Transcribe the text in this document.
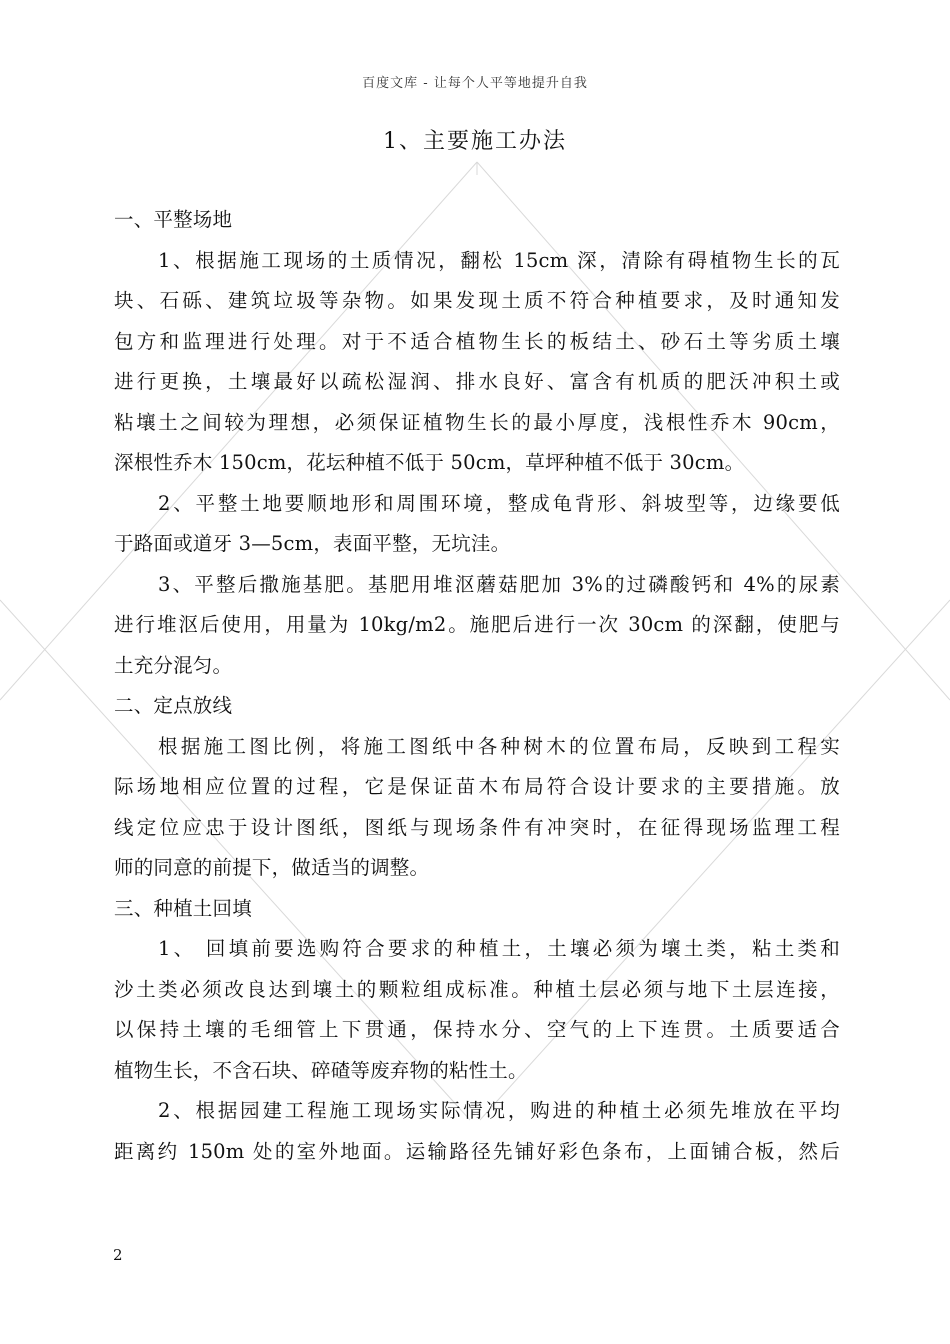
百度文库 - 让每个人平等地提升自我
1、主要施工办法

一、平整场地

1、根据施工现场的土质情况，翻松 15cm 深，清除有碍植物生长的瓦

块、石砾、建筑垃圾等杂物。如果发现土质不符合种植要求，及时通知发

包方和监理进行处理。对于不适合植物生长的板结土、砂石土等劣质土壤

进行更换，土壤最好以疏松湿润、排水良好、富含有机质的肥沃冲积土或

粘壤土之间较为理想，必须保证植物生长的最小厚度，浅根性乔木 90cm，

深根性乔木 150cm，花坛种植不低于 50cm，草坪种植不低于 30cm。

2、平整土地要顺地形和周围环境，整成龟背形、斜坡型等，边缘要低

于路面或道牙 3—5cm，表面平整，无坑洼。

3、平整后撒施基肥。基肥用堆沤蘑菇肥加 3%的过磷酸钙和 4%的尿素

进行堆沤后使用，用量为 10kg/m2。施肥后进行一次 30cm 的深翻，使肥与

土充分混匀。

二、定点放线

根据施工图比例，将施工图纸中各种树木的位置布局，反映到工程实

际场地相应位置的过程，它是保证苗木布局符合设计要求的主要措施。放

线定位应忠于设计图纸，图纸与现场条件有冲突时，在征得现场监理工程

师的同意的前提下，做适当的调整。

三、种植土回填

1、 回填前要选购符合要求的种植土，土壤必须为壤土类，粘土类和

沙土类必须改良达到壤土的颗粒组成标准。种植土层必须与地下土层连接，

以保持土壤的毛细管上下贯通，保持水分、空气的上下连贯。土质要适合

植物生长，不含石块、碎碴等废弃物的粘性土。

2、根据园建工程施工现场实际情况，购进的种植土必须先堆放在平均

距离约 150m 处的室外地面。运输路径先铺好彩色条布，上面铺合板，然后

2
